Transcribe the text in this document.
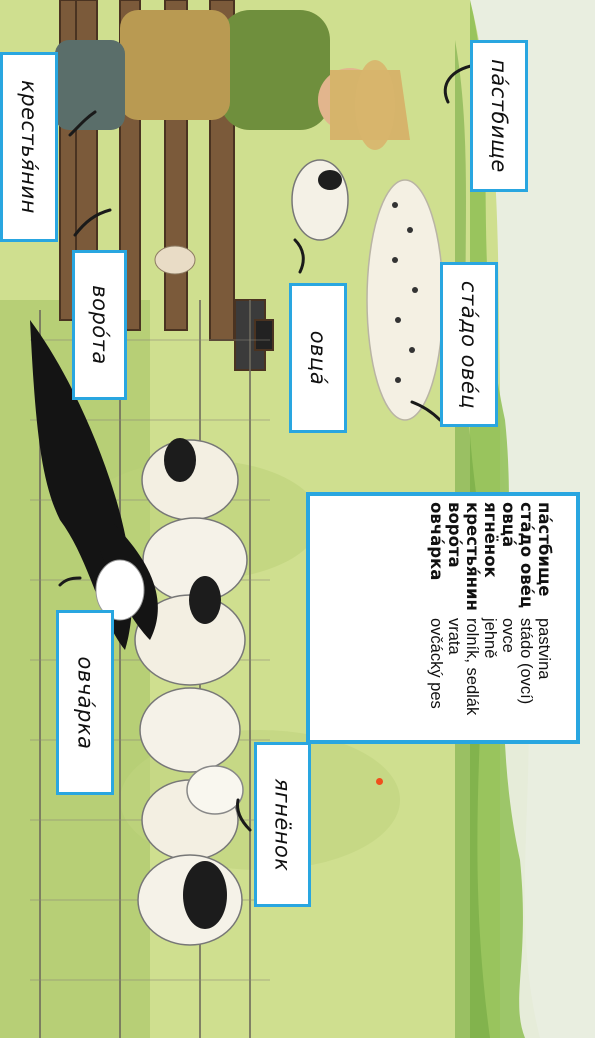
пáстбище
крестья́нин
стáдо овéц
овцá
ворóта
овчáрка
ягнёнок
пáстбище
pastvina
стáдо овéц
stádo (ovcí)
овцá
ovce
ягнёнок
jehně
крестья́нин
rolník, sedlák
ворóта
vrata
овчáрка
ovčácký pes
